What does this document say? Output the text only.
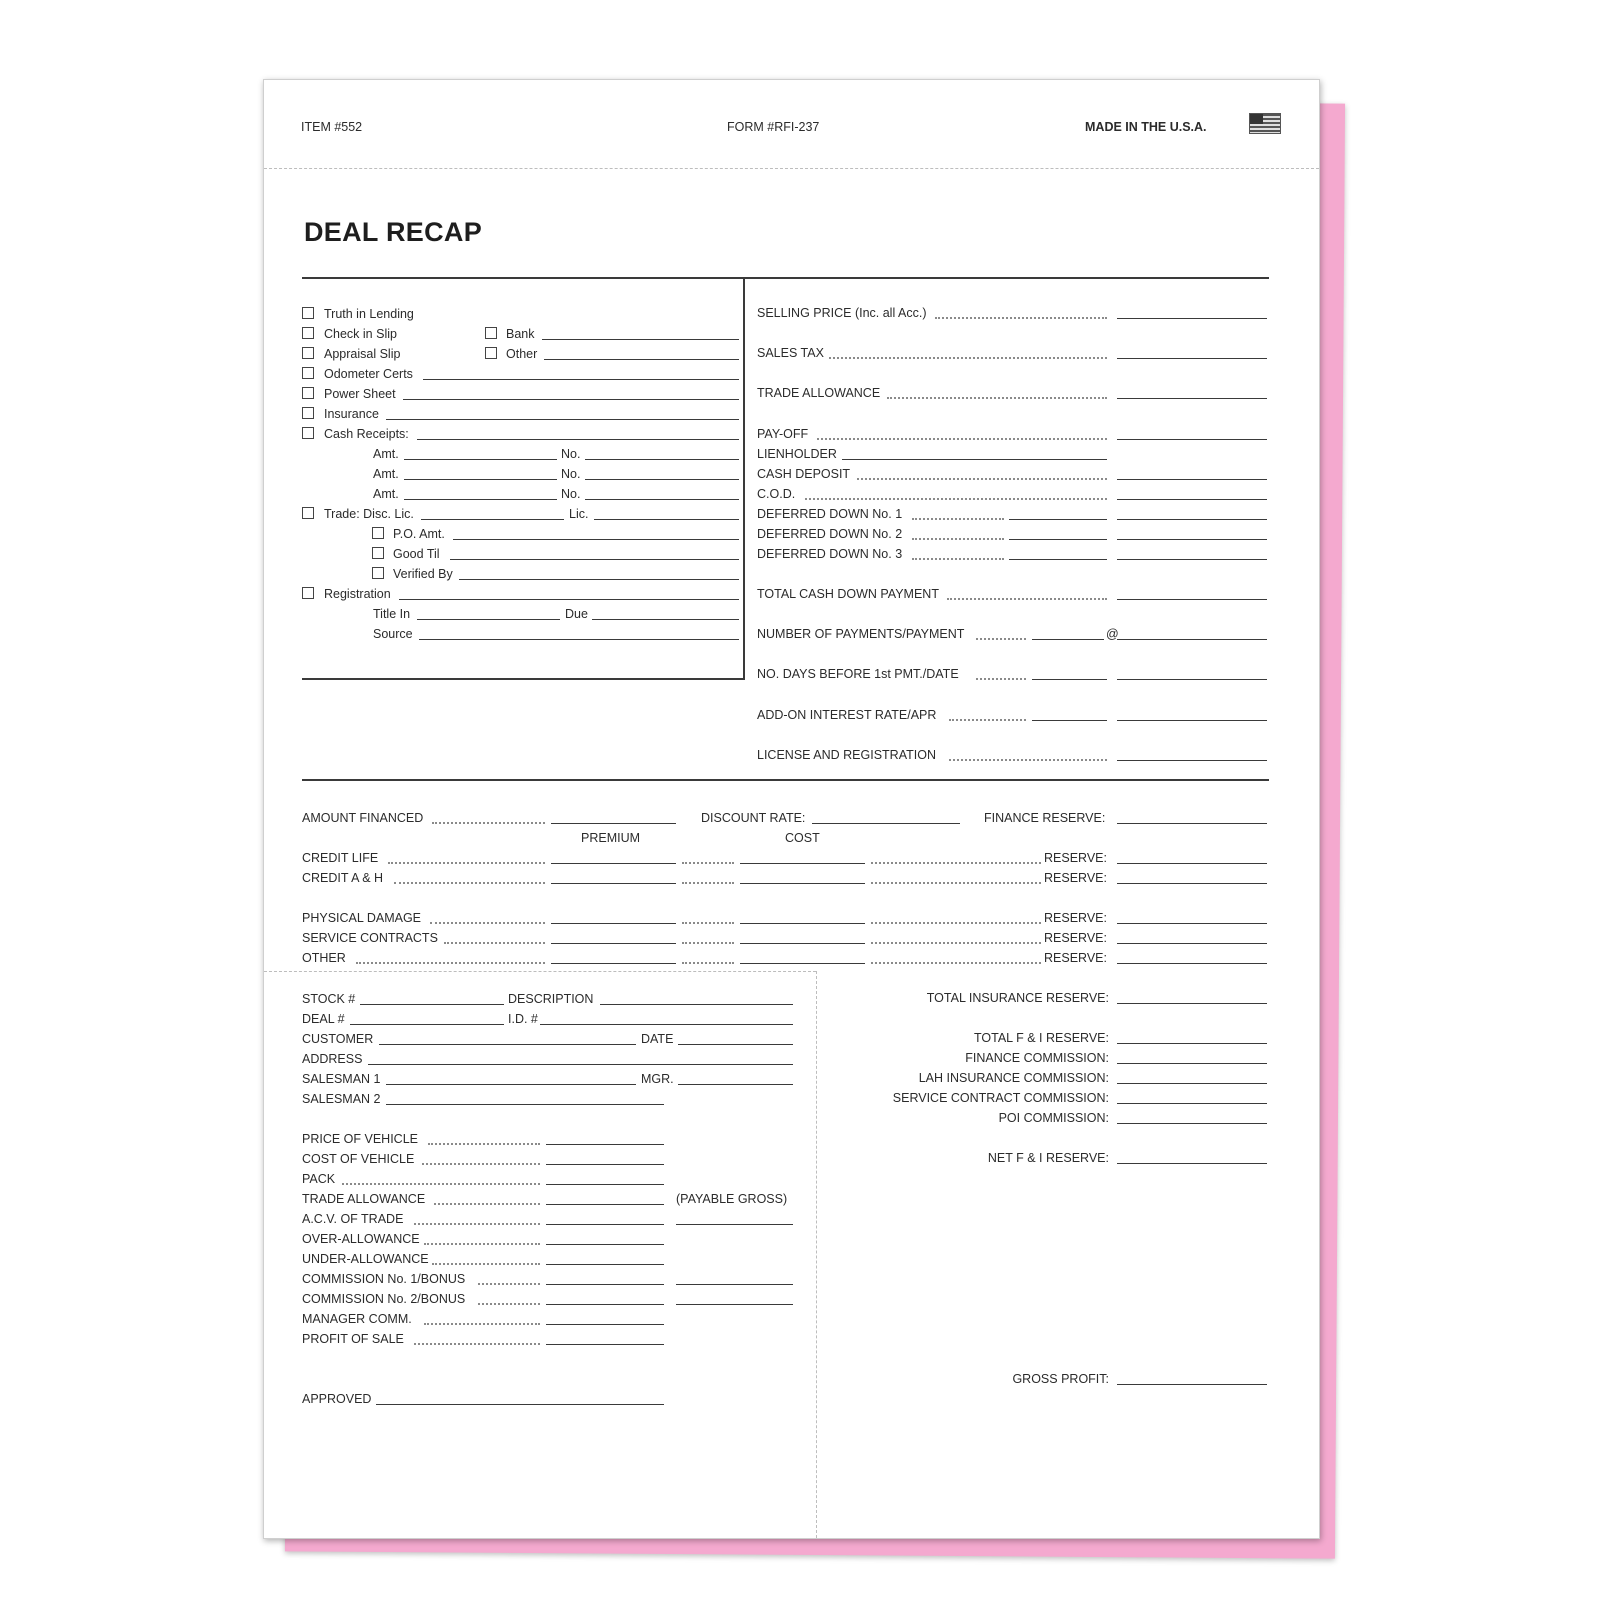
ITEM #552	FORM #RFI-237	MADE IN THE U.S.A.
DEAL RECAP
Truth in Lending
Check in Slip	Bank
Appraisal Slip	Other
Odometer Certs
Power Sheet
Insurance
Cash Receipts:
Amt.	No.
Amt.	No.
Amt.	No.
Trade: Disc. Lic.	Lic.
P.O. Amt.
Good Til
Verified By
Registration
Title In	Due
Source
SELLING PRICE (Inc. all Acc.)
SALES TAX
TRADE ALLOWANCE
PAY-OFF
LIENHOLDER
CASH DEPOSIT
C.O.D.
DEFERRED DOWN No. 1
DEFERRED DOWN No. 2
DEFERRED DOWN No. 3
TOTAL CASH DOWN PAYMENT
NUMBER OF PAYMENTS/PAYMENT	@
NO. DAYS BEFORE 1st PMT./DATE
ADD-ON INTEREST RATE/APR
LICENSE AND REGISTRATION
AMOUNT FINANCED	DISCOUNT RATE:	FINANCE RESERVE:
PREMIUM	COST
CREDIT LIFE	RESERVE:
CREDIT A & H	RESERVE:
PHYSICAL DAMAGE	RESERVE:
SERVICE CONTRACTS	RESERVE:
OTHER	RESERVE:
STOCK #	DESCRIPTION
DEAL #	I.D. #
CUSTOMER	DATE
ADDRESS
SALESMAN 1	MGR.
SALESMAN 2
PRICE OF VEHICLE
COST OF VEHICLE
PACK
TRADE ALLOWANCE	(PAYABLE GROSS)
A.C.V. OF TRADE
OVER-ALLOWANCE
UNDER-ALLOWANCE
COMMISSION No. 1/BONUS
COMMISSION No. 2/BONUS
MANAGER COMM.
PROFIT OF SALE
APPROVED
TOTAL INSURANCE RESERVE:
TOTAL F & I RESERVE:
FINANCE COMMISSION:
LAH INSURANCE COMMISSION:
SERVICE CONTRACT COMMISSION:
POI COMMISSION:
NET F & I RESERVE:
GROSS PROFIT:
